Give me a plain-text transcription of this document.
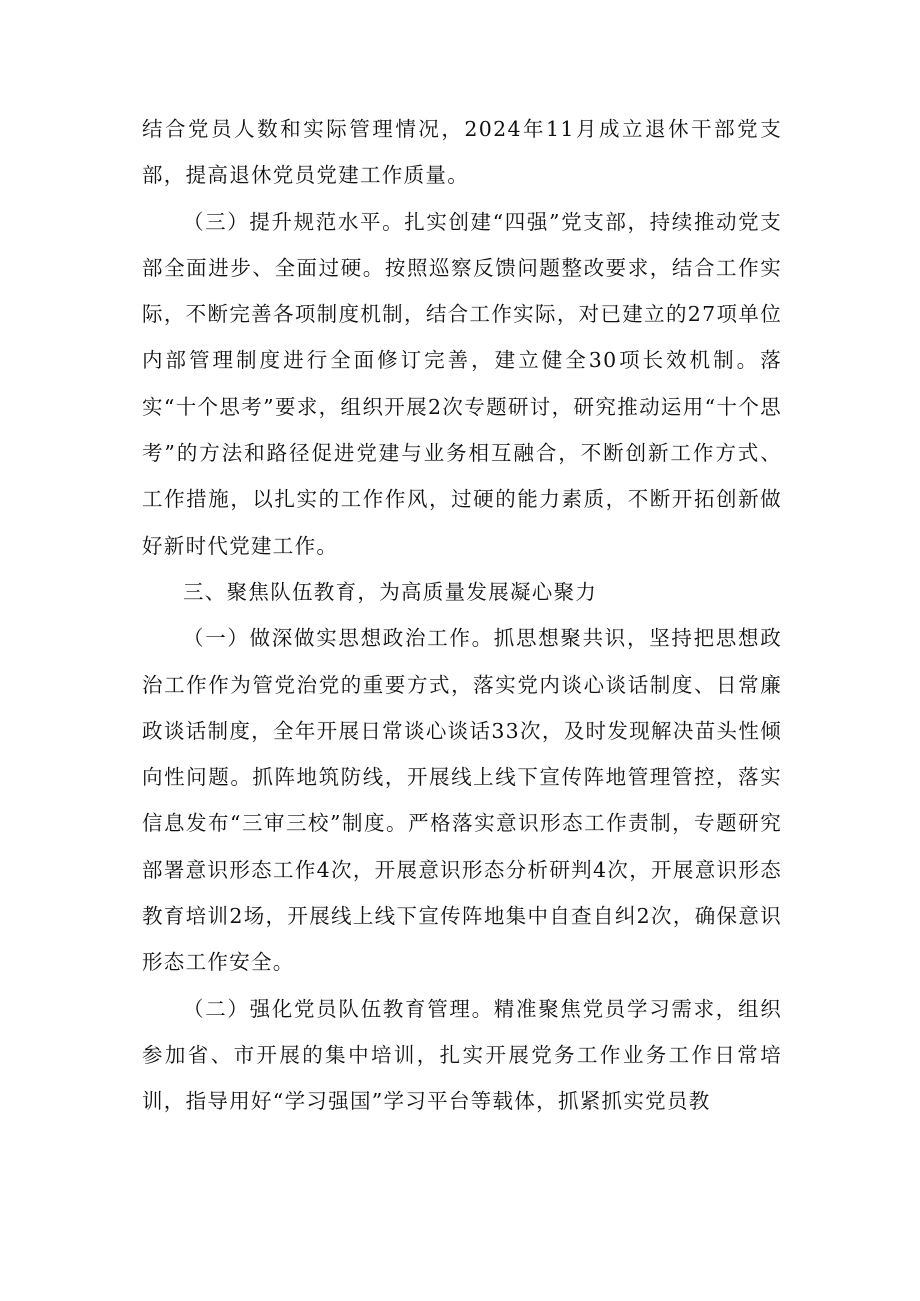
结合党员人数和实际管理情况，2024年11月成立退休干部党支部，提高退休党员党建工作质量。

（三）提升规范水平。扎实创建“四强”党支部，持续推动党支部全面进步、全面过硬。按照巡察反馈问题整改要求，结合工作实际，不断完善各项制度机制，结合工作实际，对已建立的27项单位内部管理制度进行全面修订完善，建立健全30项长效机制。落实“十个思考”要求，组织开展2次专题研讨，研究推动运用“十个思考”的方法和路径促进党建与业务相互融合，不断创新工作方式、工作措施，以扎实的工作作风，过硬的能力素质，不断开拓创新做好新时代党建工作。

三、聚焦队伍教育，为高质量发展凝心聚力

（一）做深做实思想政治工作。抓思想聚共识，坚持把思想政治工作作为管党治党的重要方式，落实党内谈心谈话制度、日常廉政谈话制度，全年开展日常谈心谈话33次，及时发现解决苗头性倾向性问题。抓阵地筑防线，开展线上线下宣传阵地管理管控，落实信息发布“三审三校”制度。严格落实意识形态工作责制，专题研究部署意识形态工作4次，开展意识形态分析研判4次，开展意识形态教育培训2场，开展线上线下宣传阵地集中自查自纠2次，确保意识形态工作安全。

（二）强化党员队伍教育管理。精准聚焦党员学习需求，组织参加省、市开展的集中培训，扎实开展党务工作业务工作日常培训，指导用好“学习强国”学习平台等载体，抓紧抓实党员教
